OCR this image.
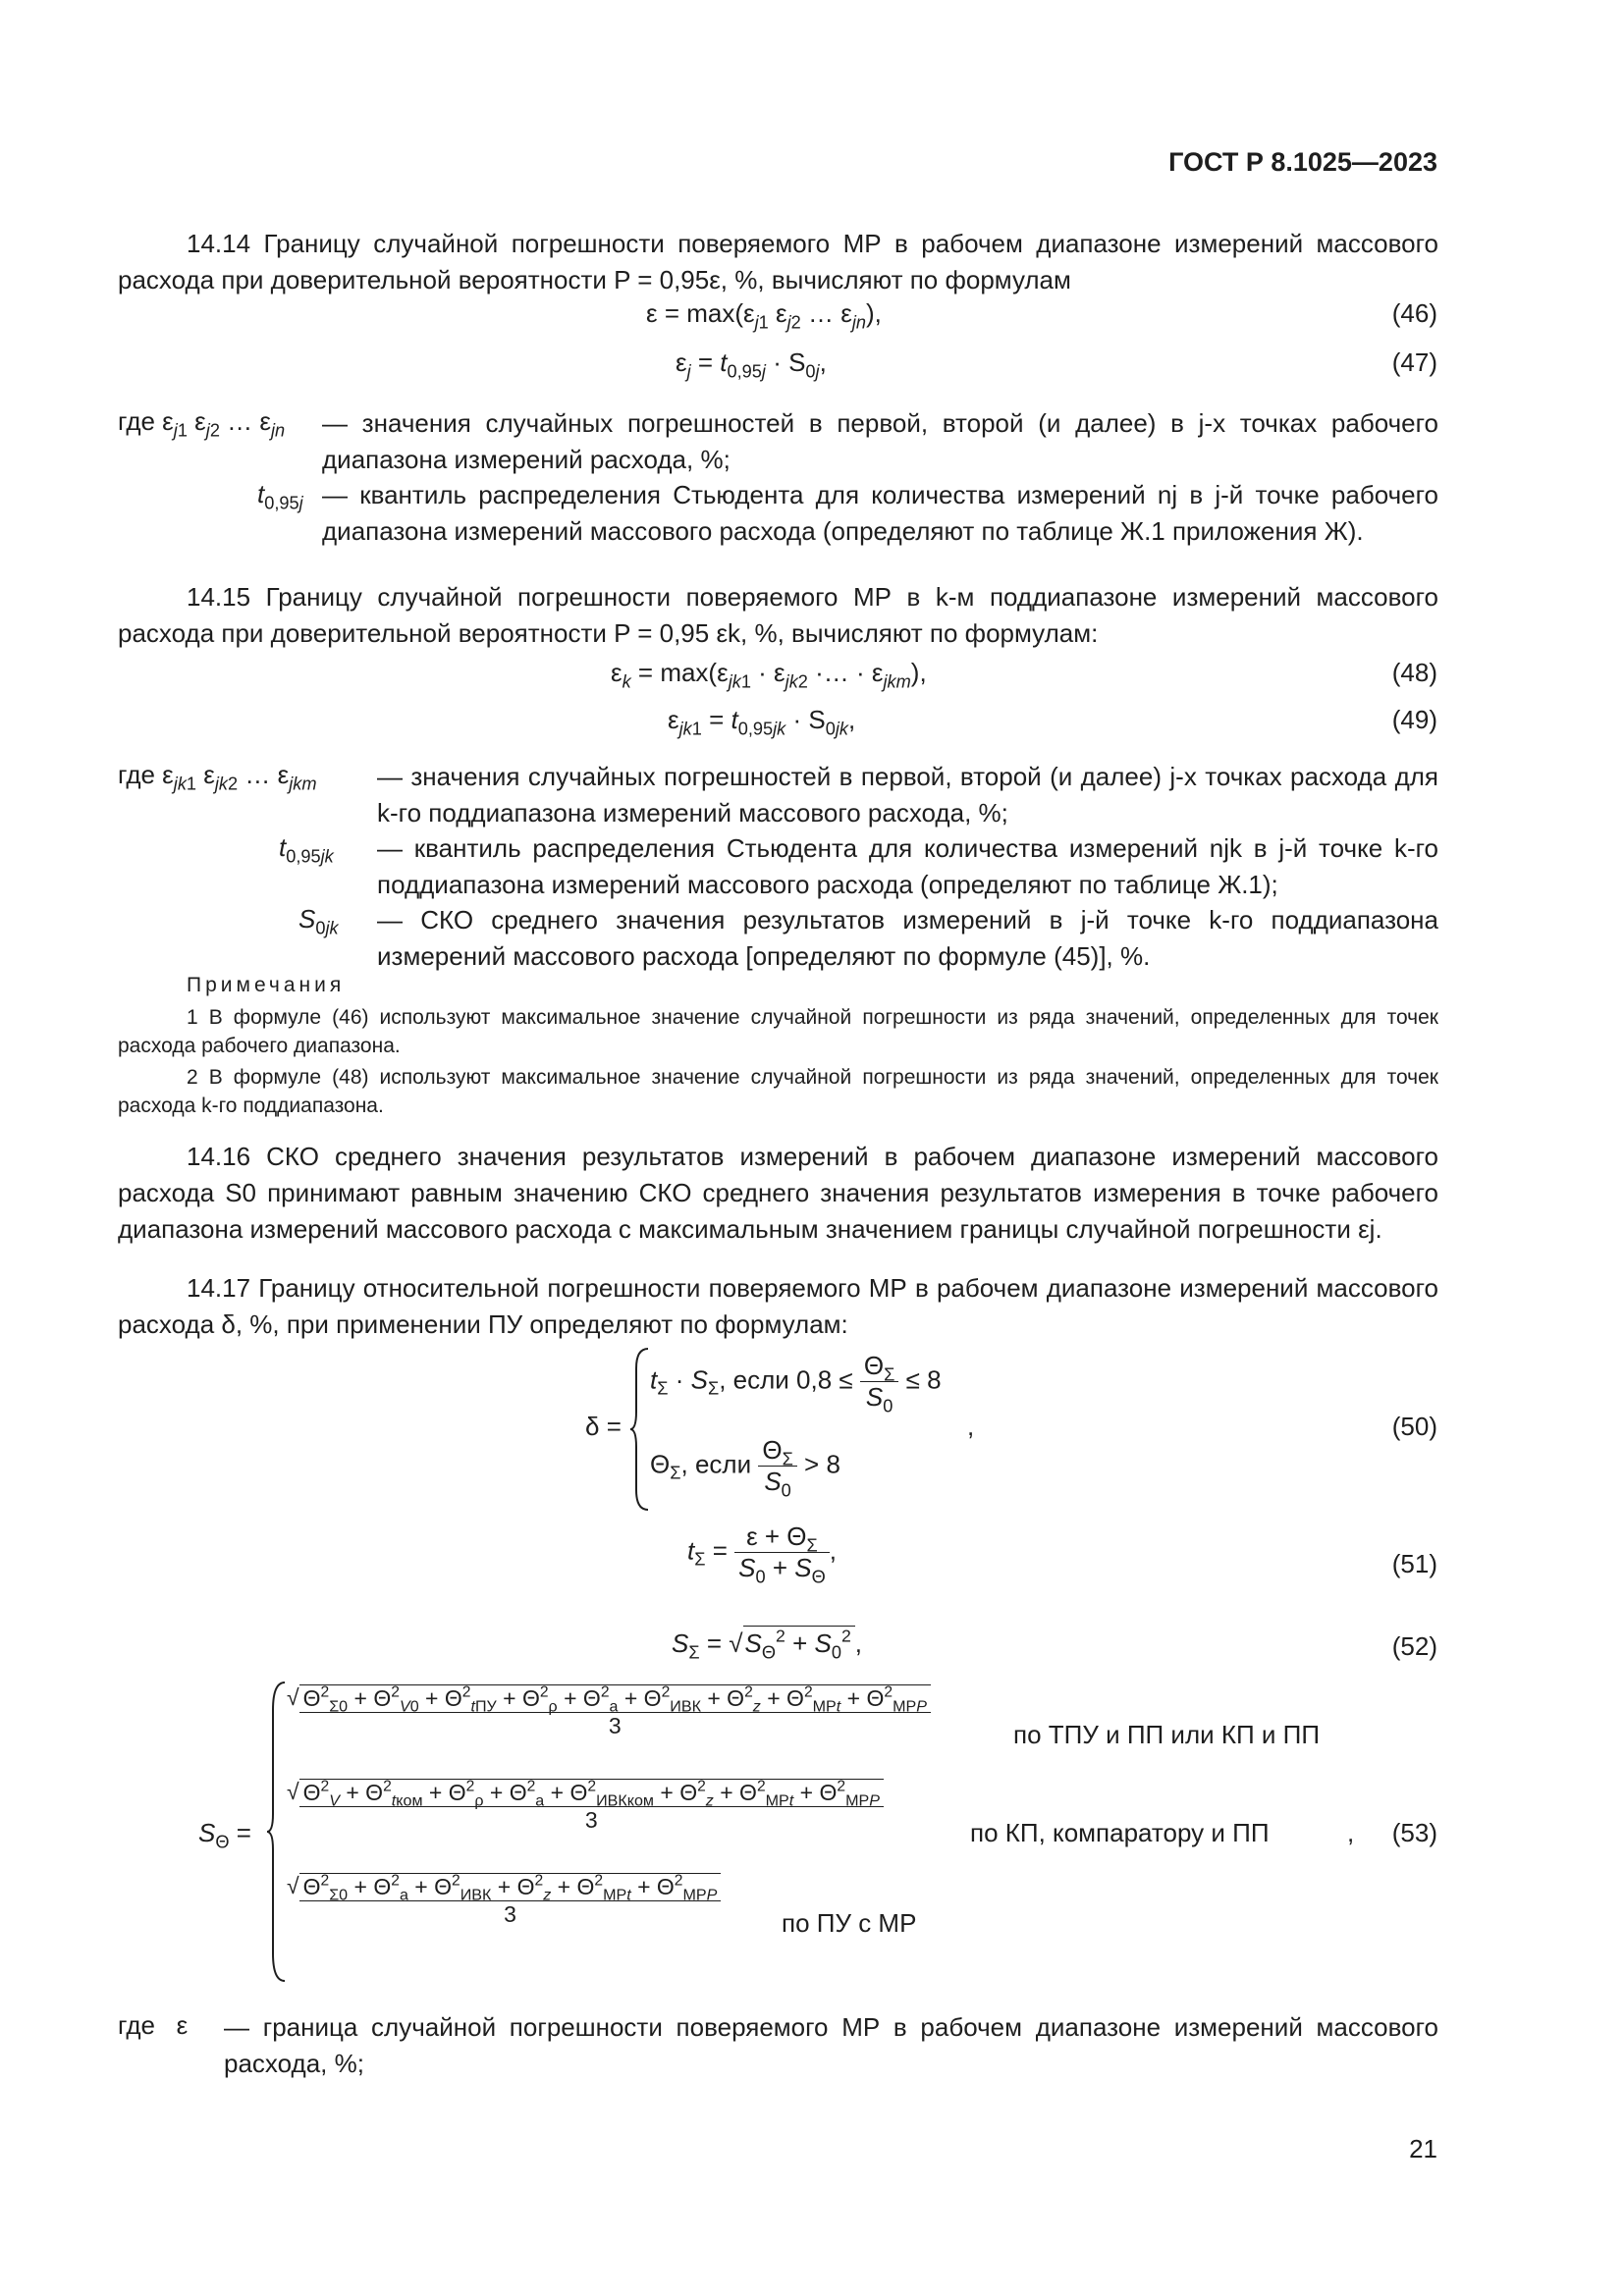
ГОСТ Р 8.1025—2023
14.14 Границу случайной погрешности поверяемого МР в рабочем диапазоне измерений массового расхода при доверительной вероятности P = 0,95ε, %, вычисляют по формулам
$\varepsilon = \max(\varepsilon_{j1}$ $\varepsilon_{j2}$ … $\varepsilon_{jn}$),	(46)
$\varepsilon_j = t_{0,95j} \cdot S_{0j}$,	(47)
где $\varepsilon_{j1}$ $\varepsilon_{j2}$ … $\varepsilon_{jn}$ — значения случайных погрешностей в первой, второй (и далее) в j-х точках рабочего диапазона измерений расхода, %;
$t_{0,95j}$ — квантиль распределения Стьюдента для количества измерений nj в j-й точке рабочего диапазона измерений массового расхода (определяют по таблице Ж.1 приложения Ж).
14.15 Границу случайной погрешности поверяемого МР в k-м поддиапазоне измерений массового расхода при доверительной вероятности P = 0,95 εk, %, вычисляют по формулам:
$\varepsilon_k = \max(\varepsilon_{jk1} \cdot \varepsilon_{jk2}$ ·… · $\varepsilon_{jkm}$),	(48)
$\varepsilon_{jk1} = t_{0,95jk} \cdot S_{0jk}$,	(49)
где $\varepsilon_{jk1}$ $\varepsilon_{jk2}$ … $\varepsilon_{jkm}$ — значения случайных погрешностей в первой, второй (и далее) j-х точках расхода для k-го поддиапазона измерений массового расхода, %;
$t_{0,95jk}$ — квантиль распределения Стьюдента для количества измерений njk в j-й точке k-го поддиапазона измерений массового расхода (определяют по таблице Ж.1);
$S_{0jk}$ — СКО среднего значения результатов измерений в j-й точке k-го поддиапазона измерений массового расхода [определяют по формуле (45)], %.
Примечания
1 В формуле (46) используют максимальное значение случайной погрешности из ряда значений, определенных для точек расхода рабочего диапазона.
2 В формуле (48) используют максимальное значение случайной погрешности из ряда значений, определенных для точек расхода k-го поддиапазона.
14.16 СКО среднего значения результатов измерений в рабочем диапазоне измерений массового расхода S0 принимают равным значению СКО среднего значения результатов измерения в точке рабочего диапазона измерений массового расхода с максимальным значением границы случайной погрешности εj.
14.17 Границу относительной погрешности поверяемого МР в рабочем диапазоне измерений массового расхода δ, %, при применении ПУ определяют по формулам:
δ =
$t_\Sigma \cdot S_\Sigma$, если $0,8 \le \frac{\Theta_\Sigma}{S_0} \le 8$
$\Theta_\Sigma$, если $\frac{\Theta_\Sigma}{S_0} > 8$
,	(50)
$t_\Sigma = \frac{\varepsilon + \Theta_\Sigma}{S_0 + S_\Theta}$ ,	(51)
$S_\Sigma = √S_\Theta^2 + S_0^2$ ,	(52)
$S_\Theta$ =
√ $\Theta^2_{\Sigma 0} + \Theta^2_{V0} + \Theta^2_{tПУ} + \Theta^2_\rho + \Theta^2_a + \Theta^2_{ИВК} + \Theta^2_z + \Theta^2_{МРt} + \Theta^2_{МРP}$
3	по ТПУ и ПП или КП и ПП
√ $\frac{\Theta^2_V + \Theta^2_{tком} + \Theta^2_\rho + \Theta^2_a + \Theta^2_{ИВКком} + \Theta^2_z + \Theta^2_{МРt} + \Theta^2_{МРP}}{3}$	по КП, компаратору и ПП	, (53)
√ $\frac{\Theta^2_{\Sigma 0} + \Theta^2_a + \Theta^2_{ИВК} + \Theta^2_z + \Theta^2_{МРt} + \Theta^2_{МРP}}{3}$ по ПУ с МР
где ε — граница случайной погрешности поверяемого МР в рабочем диапазоне измерений массового расхода, %;
21
